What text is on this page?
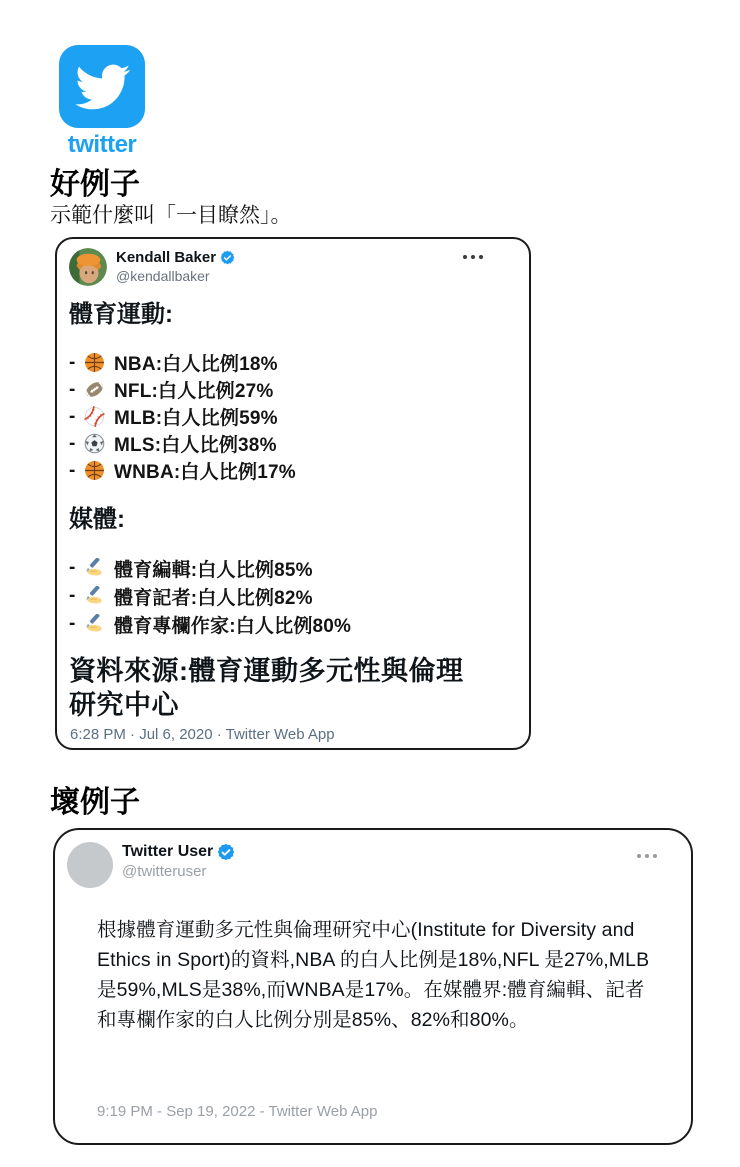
twitter
好例子

示範什麼叫「一目瞭然」。

Kendall Baker
@kendallbaker
體育運動:
-	NBA:白人比例18%
-	NFL:白人比例27%
-	MLB:白人比例59%
-	MLS:白人比例38%
-	WNBA:白人比例17%
媒體:
-	體育編輯:白人比例85%
-	體育記者:白人比例82%
-	體育專欄作家:白人比例80%
資料來源:體育運動多元性與倫理研究中心
6:28 PM · Jul 6, 2020 · Twitter Web App
壞例子
Twitter User
@twitteruser

根據體育運動多元性與倫理研究中心(Institute for Diversity and Ethics in Sport)的資料,NBA 的白人比例是18%,NFL 是27%,MLB是59%,MLS是38%,而WNBA是17%。在媒體界:體育編輯、記者和專欄作家的白人比例分別是85%、82%和80%。

9:19 PM - Sep 19, 2022 - Twitter Web App
